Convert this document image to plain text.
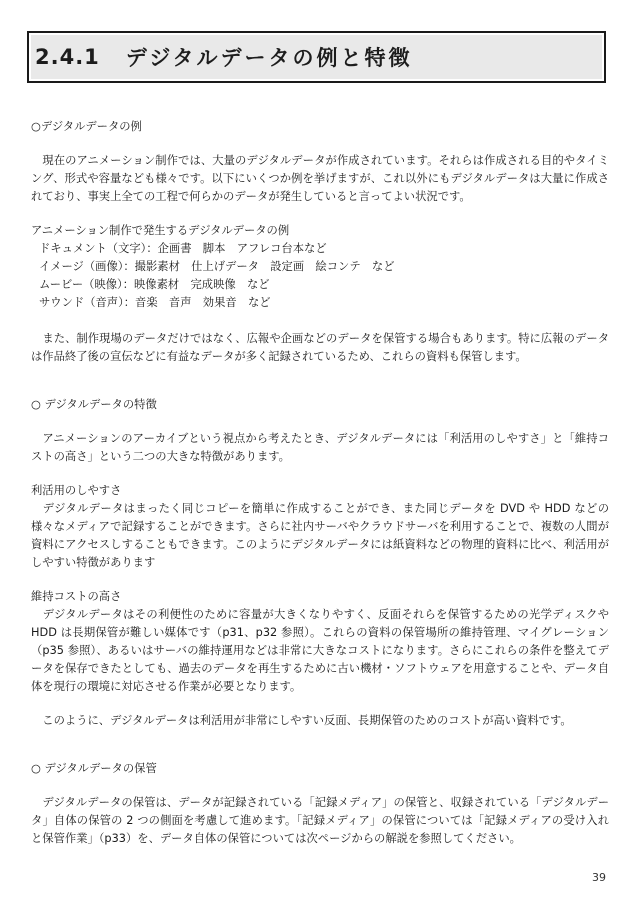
2.4.1 デジタルデータの例と特徴

○デジタルデータの例

　現在のアニメーション制作では、大量のデジタルデータが作成されています。それらは作成される目的やタイミング、形式や容量なども様々です。以下にいくつか例を挙げますが、これ以外にもデジタルデータは大量に作成されており、事実上全ての工程で何らかのデータが発生していると言ってよい状況です。

アニメーション制作で発生するデジタルデータの例

ドキュメント（文字）：企画書　脚本　アフレコ台本など

イメージ（画像）：撮影素材　仕上げデータ　設定画　絵コンテ　など

ムービー（映像）：映像素材　完成映像　など

サウンド（音声）：音楽　音声　効果音　など

　また、制作現場のデータだけではなく、広報や企画などのデータを保管する場合もあります。特に広報のデータは作品終了後の宣伝などに有益なデータが多く記録されているため、これらの資料も保管します。

○ デジタルデータの特徴

　アニメーションのアーカイブという視点から考えたとき、デジタルデータには「利活用のしやすさ」と「維持コストの高さ」という二つの大きな特徴があります。

利活用のしやすさ

　デジタルデータはまったく同じコピーを簡単に作成することができ、また同じデータを DVD や HDD などの様々なメディアで記録することができます。さらに社内サーバやクラウドサーバを利用することで、複数の人間が資料にアクセスしすることもできます。このようにデジタルデータには紙資料などの物理的資料に比べ、利活用がしやすい特徴があります

維持コストの高さ

　デジタルデータはその利便性のために容量が大きくなりやすく、反面それらを保管するための光学ディスクや HDD は長期保管が難しい媒体です（p31、p32 参照）。これらの資料の保管場所の維持管理、マイグレーション（p35 参照）、あるいはサーバの維持運用などは非常に大きなコストになります。さらにこれらの条件を整えてデータを保存できたとしても、過去のデータを再生するために古い機材・ソフトウェアを用意することや、データ自体を現行の環境に対応させる作業が必要となります。

　このように、デジタルデータは利活用が非常にしやすい反面、長期保管のためのコストが高い資料です。

○ デジタルデータの保管

　デジタルデータの保管は、データが記録されている「記録メディア」の保管と、収録されている「デジタルデータ」自体の保管の 2 つの側面を考慮して進めます。「記録メディア」の保管については「記録メディアの受け入れと保管作業」（p33）を、データ自体の保管については次ページからの解説を参照してください。

39
